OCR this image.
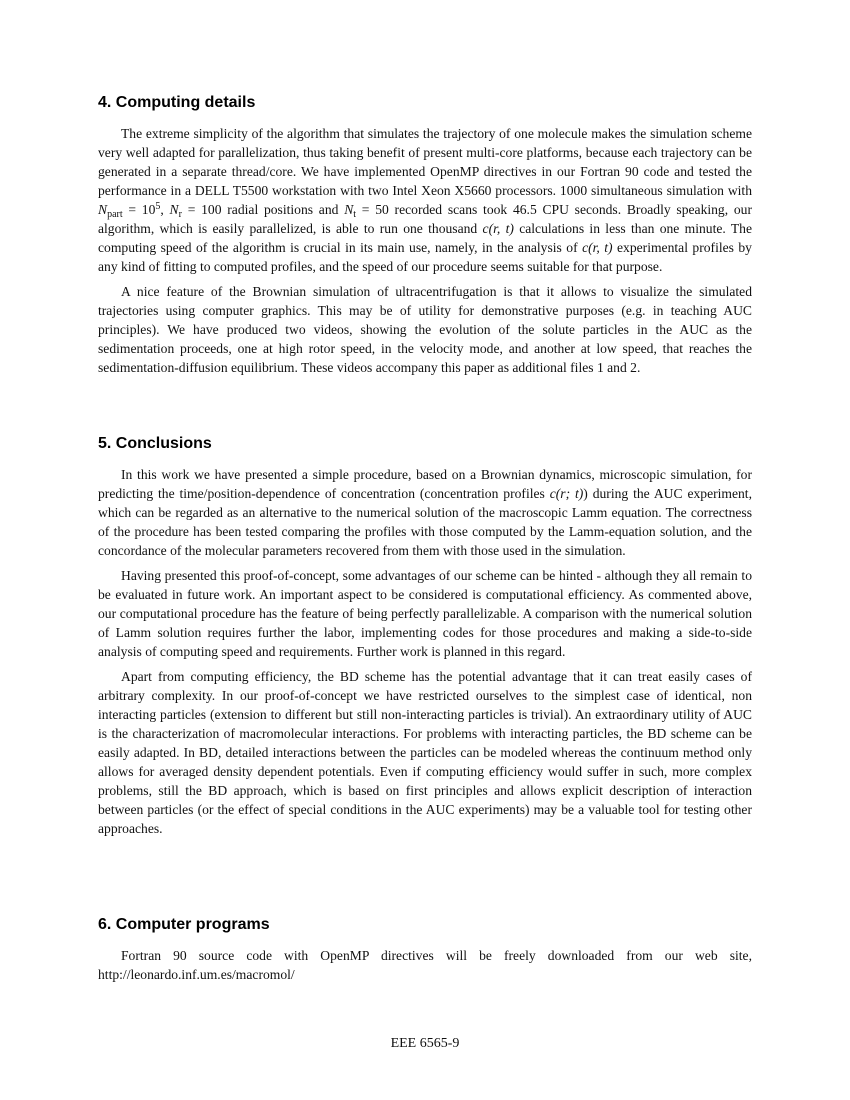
4. Computing details

The extreme simplicity of the algorithm that simulates the trajectory of one molecule makes the simulation scheme very well adapted for parallelization, thus taking benefit of present multi-core platforms, because each trajectory can be generated in a separate thread/core. We have implemented OpenMP directives in our Fortran 90 code and tested the performance in a DELL T5500 workstation with two Intel Xeon X5660 processors. 1000 simultaneous simulation with $N_{part} = 10^5$, $N_r = 100$ radial positions and $N_t = 50$ recorded scans took 46.5 CPU seconds. Broadly speaking, our algorithm, which is easily parallelized, is able to run one thousand c(r, t) calculations in less than one minute. The computing speed of the algorithm is crucial in its main use, namely, in the analysis of c(r, t) experimental profiles by any kind of fitting to computed profiles, and the speed of our procedure seems suitable for that purpose.

A nice feature of the Brownian simulation of ultracentrifugation is that it allows to visualize the simulated trajectories using computer graphics. This may be of utility for demonstrative purposes (e.g. in teaching AUC principles). We have produced two videos, showing the evolution of the solute particles in the AUC as the sedimentation proceeds, one at high rotor speed, in the velocity mode, and another at low speed, that reaches the sedimentation-diffusion equilibrium. These videos accompany this paper as additional files 1 and 2.

5. Conclusions

In this work we have presented a simple procedure, based on a Brownian dynamics, microscopic simulation, for predicting the time/position-dependence of concentration (concentration profiles c(r; t)) during the AUC experiment, which can be regarded as an alternative to the numerical solution of the macroscopic Lamm equation. The correctness of the procedure has been tested comparing the profiles with those computed by the Lamm-equation solution, and the concordance of the molecular parameters recovered from them with those used in the simulation.

Having presented this proof-of-concept, some advantages of our scheme can be hinted - although they all remain to be evaluated in future work. An important aspect to be considered is computational efficiency. As commented above, our computational procedure has the feature of being perfectly parallelizable. A comparison with the numerical solution of Lamm solution requires further the labor, implementing codes for those procedures and making a side-to-side analysis of computing speed and requirements. Further work is planned in this regard.

Apart from computing efficiency, the BD scheme has the potential advantage that it can treat easily cases of arbitrary complexity. In our proof-of-concept we have restricted ourselves to the simplest case of identical, non interacting particles (extension to different but still non-interacting particles is trivial). An extraordinary utility of AUC is the characterization of macromolecular interactions. For problems with interacting particles, the BD scheme can be easily adapted. In BD, detailed interactions between the particles can be modeled whereas the continuum method only allows for averaged density dependent potentials. Even if computing efficiency would suffer in such, more complex problems, still the BD approach, which is based on first principles and allows explicit description of interaction between particles (or the effect of special conditions in the AUC experiments) may be a valuable tool for testing other approaches.

6. Computer programs

Fortran 90 source code with OpenMP directives will be freely downloaded from our web site, http://leonardo.inf.um.es/macromol/

EEE 6565-9
